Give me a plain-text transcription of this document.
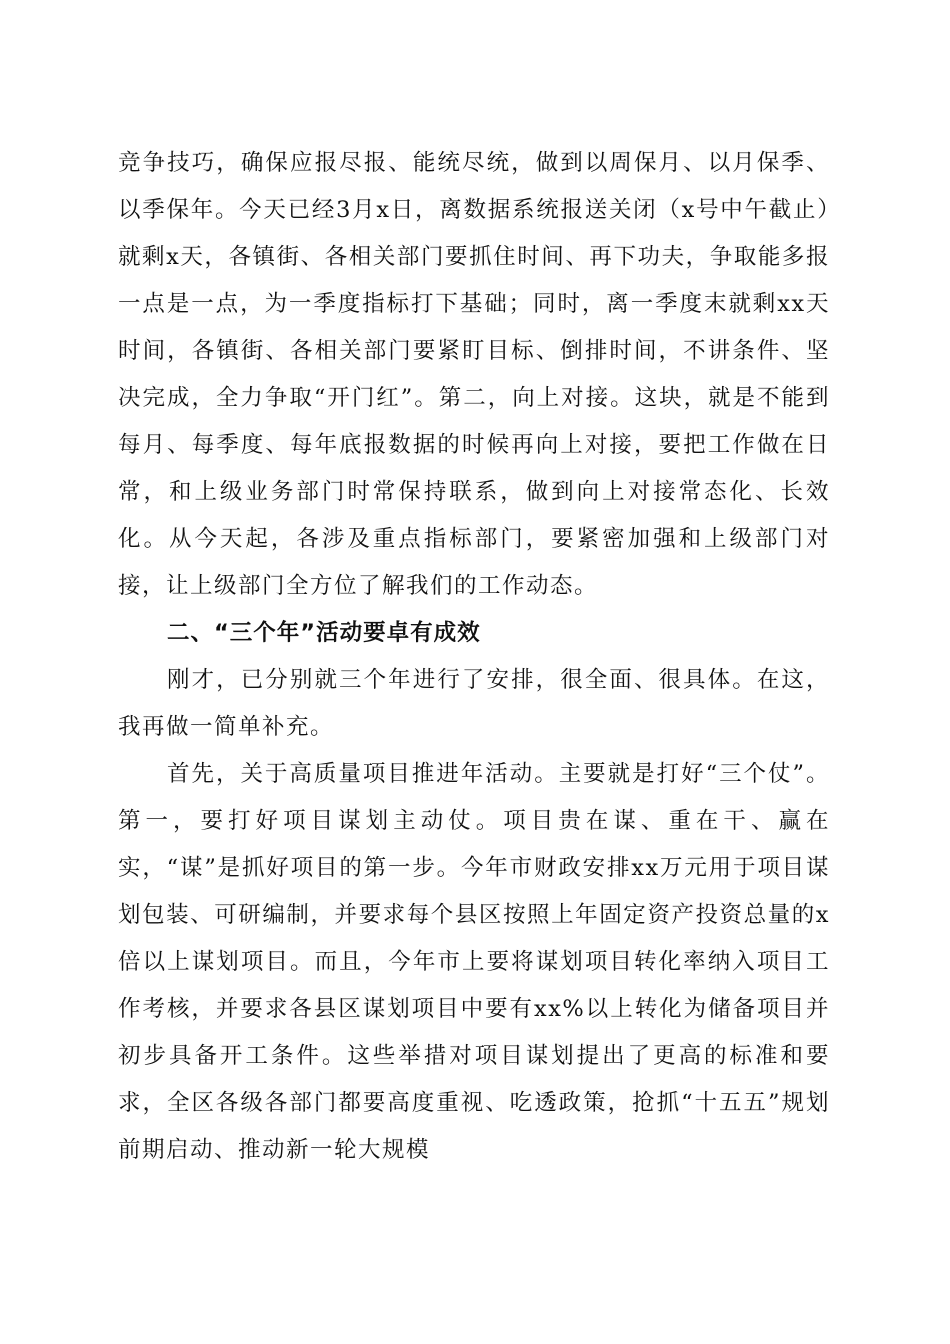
竞争技巧，确保应报尽报、能统尽统，做到以周保月、以月保季、以季保年。今天已经3月x日，离数据系统报送关闭（x号中午截止）就剩x天，各镇街、各相关部门要抓住时间、再下功夫，争取能多报一点是一点，为一季度指标打下基础；同时，离一季度末就剩xx天时间，各镇街、各相关部门要紧盯目标、倒排时间，不讲条件、坚决完成，全力争取“开门红”。第二，向上对接。这块，就是不能到每月、每季度、每年底报数据的时候再向上对接，要把工作做在日常，和上级业务部门时常保持联系，做到向上对接常态化、长效化。从今天起，各涉及重点指标部门，要紧密加强和上级部门对接，让上级部门全方位了解我们的工作动态。

二、“三个年”活动要卓有成效

刚才，已分别就三个年进行了安排，很全面、很具体。在这，我再做一简单补充。

首先，关于高质量项目推进年活动。主要就是打好“三个仗”。第一，要打好项目谋划主动仗。项目贵在谋、重在干、赢在实，“谋”是抓好项目的第一步。今年市财政安排xx万元用于项目谋划包装、可研编制，并要求每个县区按照上年固定资产投资总量的x倍以上谋划项目。而且，今年市上要将谋划项目转化率纳入项目工作考核，并要求各县区谋划项目中要有xx%以上转化为储备项目并初步具备开工条件。这些举措对项目谋划提出了更高的标准和要求，全区各级各部门都要高度重视、吃透政策，抢抓“十五五”规划前期启动、推动新一轮大规模
